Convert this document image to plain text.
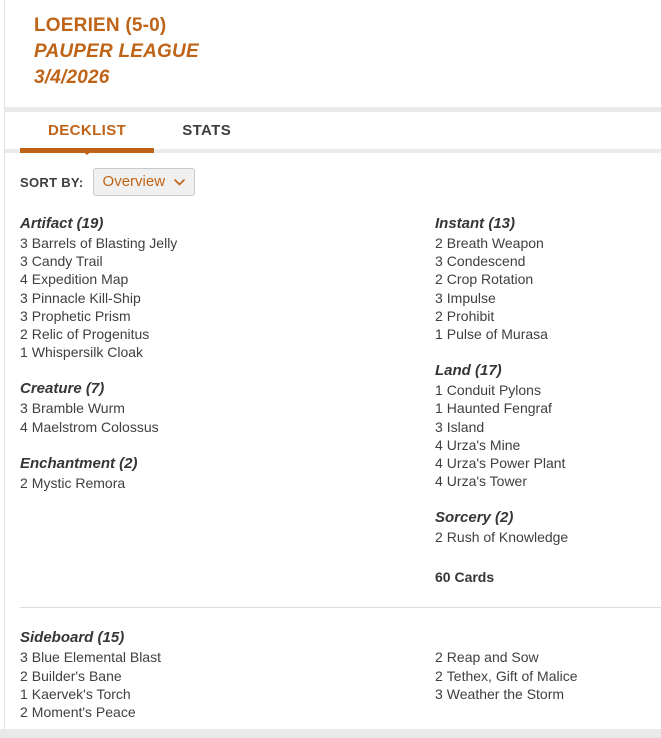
LOERIEN (5-0)
PAUPER LEAGUE
3/4/2026
DECKLIST	STATS
SORT BY: Overview
Artifact (19)
3 Barrels of Blasting Jelly
3 Candy Trail
4 Expedition Map
3 Pinnacle Kill-Ship
3 Prophetic Prism
2 Relic of Progenitus
1 Whispersilk Cloak
Creature (7)
3 Bramble Wurm
4 Maelstrom Colossus
Enchantment (2)
2 Mystic Remora
Instant (13)
2 Breath Weapon
3 Condescend
2 Crop Rotation
3 Impulse
2 Prohibit
1 Pulse of Murasa
Land (17)
1 Conduit Pylons
1 Haunted Fengraf
3 Island
4 Urza's Mine
4 Urza's Power Plant
4 Urza's Tower
Sorcery (2)
2 Rush of Knowledge
60 Cards
Sideboard (15)
3 Blue Elemental Blast
2 Builder's Bane
1 Kaervek's Torch
2 Moment's Peace
2 Reap and Sow
2 Tethex, Gift of Malice
3 Weather the Storm
